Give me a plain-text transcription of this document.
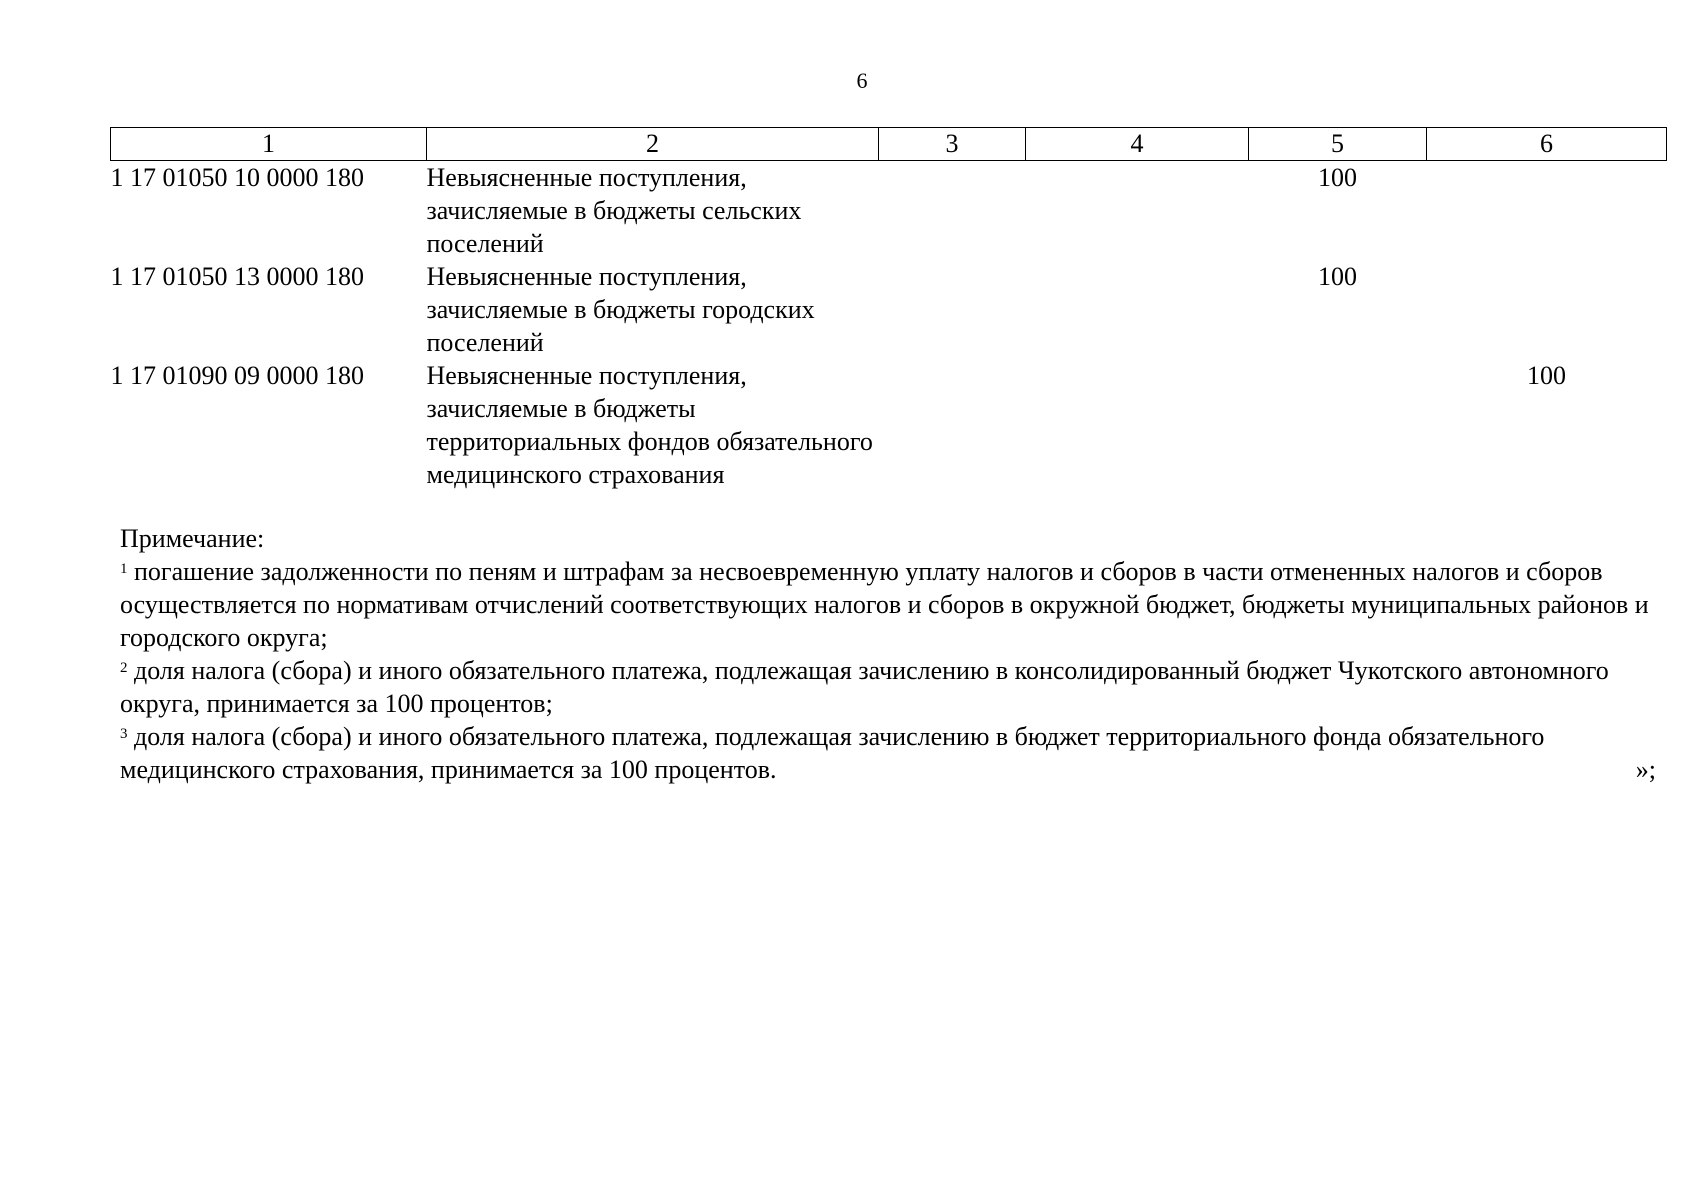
6
1	2	3	4	5	6
1 17 01050 10 0000 180	Невыясненные поступления, зачисляемые в бюджеты сельских поселений			100	
1 17 01050 13 0000 180	Невыясненные поступления, зачисляемые в бюджеты городских поселений			100	
1 17 01090 09 0000 180	Невыясненные поступления, зачисляемые в бюджеты территориальных фондов обязательного медицинского страхования				100

Примечание:

$^1$ погашение задолженности по пеням и штрафам за несвоевременную уплату налогов и сборов в части отмененных налогов и сборов осуществляется по нормативам отчислений соответствующих налогов и сборов в окружной бюджет, бюджеты муниципальных районов и городского округа;

$^2$ доля налога (сбора) и иного обязательного платежа, подлежащая зачислению в консолидированный бюджет Чукотского автономного округа, принимается за 100 процентов;

$^3$ доля налога (сбора) и иного обязательного платежа, подлежащая зачислению в бюджет территориального фонда обязательного медицинского страхования, принимается за 100 процентов.	»;
